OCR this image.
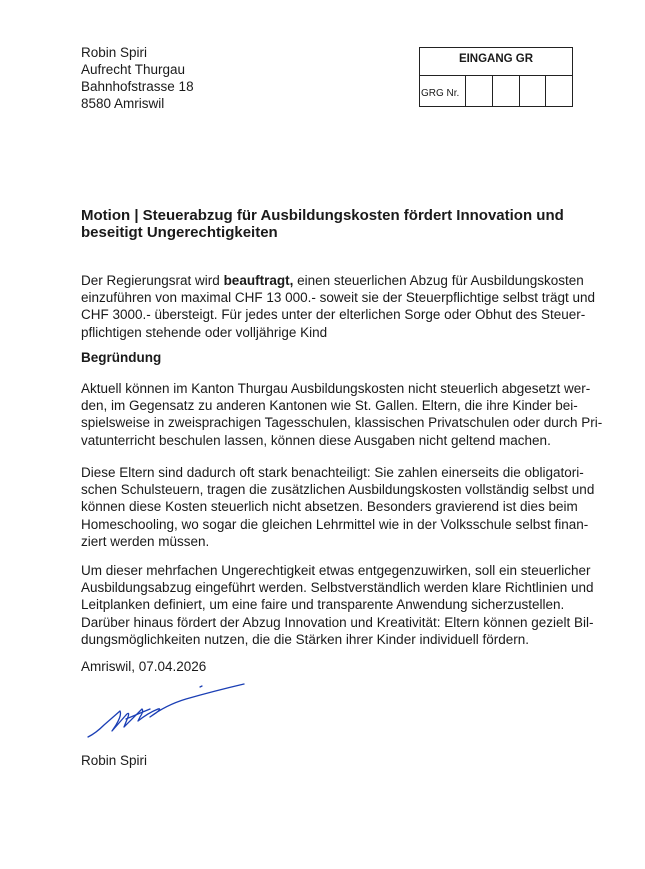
Robin Spiri
Aufrecht Thurgau
Bahnhofstrasse 18
8580 Amriswil
EINGANG GR
GRG Nr.
Motion | Steuerabzug für Ausbildungskosten fördert Innovation und
beseitigt Ungerechtigkeiten

Der Regierungsrat wird beauftragt, einen steuerlichen Abzug für Ausbildungskosten
einzuführen von maximal CHF 13 000.- soweit sie der Steuerpflichtige selbst trägt und
CHF 3000.- übersteigt. Für jedes unter der elterlichen Sorge oder Obhut des Steuer-
pflichtigen stehende oder volljährige Kind

Begründung

Aktuell können im Kanton Thurgau Ausbildungskosten nicht steuerlich abgesetzt wer-
den, im Gegensatz zu anderen Kantonen wie St. Gallen. Eltern, die ihre Kinder bei-
spielsweise in zweisprachigen Tagesschulen, klassischen Privatschulen oder durch Pri-
vatunterricht beschulen lassen, können diese Ausgaben nicht geltend machen.

Diese Eltern sind dadurch oft stark benachteiligt: Sie zahlen einerseits die obligatori-
schen Schulsteuern, tragen die zusätzlichen Ausbildungskosten vollständig selbst und
können diese Kosten steuerlich nicht absetzen. Besonders gravierend ist dies beim
Homeschooling, wo sogar die gleichen Lehrmittel wie in der Volksschule selbst finan-
ziert werden müssen.

Um dieser mehrfachen Ungerechtigkeit etwas entgegenzuwirken, soll ein steuerlicher
Ausbildungsabzug eingeführt werden. Selbstverständlich werden klare Richtlinien und
Leitplanken definiert, um eine faire und transparente Anwendung sicherzustellen.
Darüber hinaus fördert der Abzug Innovation und Kreativität: Eltern können gezielt Bil-
dungsmöglichkeiten nutzen, die die Stärken ihrer Kinder individuell fördern.

Amriswil, 07.04.2026
Robin Spiri
